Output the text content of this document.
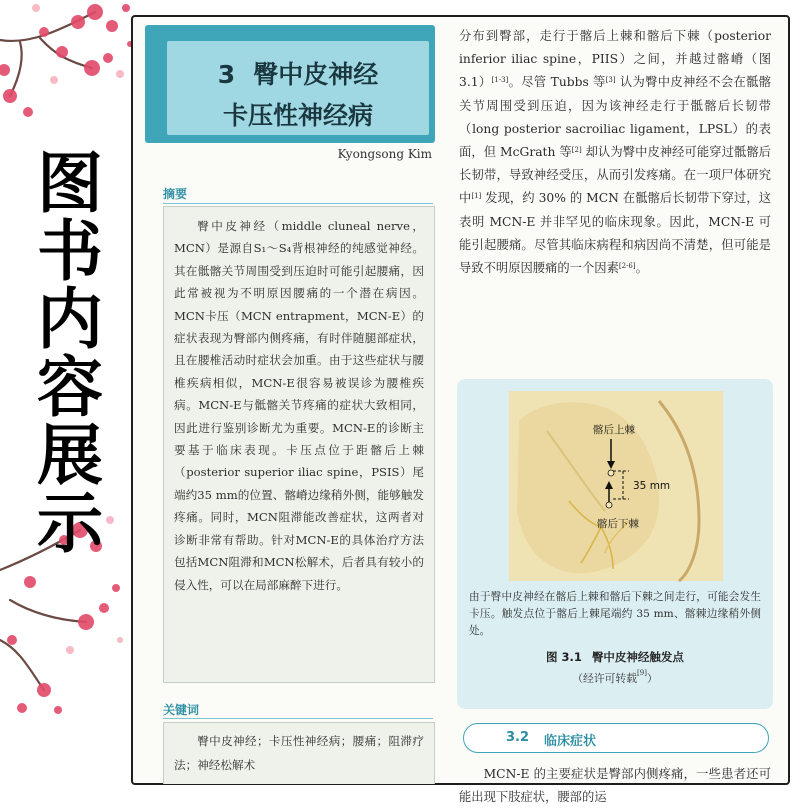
图
书
内
容
展
示
3 臀中皮神经
卡压性神经病
Kyongsong Kim
摘要

臀中皮神经（middle cluneal nerve，MCN）是源自S₁～S₄背根神经的纯感觉神经。其在骶髂关节周围受到压迫时可能引起腰痛，因此常被视为不明原因腰痛的一个潜在病因。MCN卡压（MCN entrapment，MCN-E）的症状表现为臀部内侧疼痛，有时伴随腿部症状，且在腰椎活动时症状会加重。由于这些症状与腰椎疾病相似，MCN-E很容易被误诊为腰椎疾病。MCN-E与骶髂关节疼痛的症状大致相同，因此进行鉴别诊断尤为重要。MCN-E的诊断主要基于临床表现。卡压点位于距髂后上棘（posterior superior iliac spine，PSIS）尾端约35 mm的位置、髂嵴边缘稍外侧，能够触发疼痛。同时，MCN阻滞能改善症状，这两者对诊断非常有帮助。针对MCN-E的具体治疗方法包括MCN阻滞和MCN松解术，后者具有较小的侵入性，可以在局部麻醉下进行。

关键词

臀中皮神经；卡压性神经病；腰痛；阻滞疗法；神经松解术

分布到臀部，走行于髂后上棘和髂后下棘（posterior inferior iliac spine，PIIS）之间，并越过髂嵴（图 3.1）[1-3]。尽管 Tubbs 等[3] 认为臀中皮神经不会在骶髂关节周围受到压迫，因为该神经走行于骶髂后长韧带（long posterior sacroiliac ligament，LPSL）的表面，但 McGrath 等[2] 却认为臀中皮神经可能穿过骶髂后长韧带，导致神经受压，从而引发疼痛。在一项尸体研究中[1] 发现，约 30% 的 MCN 在骶髂后长韧带下穿过，这表明 MCN-E 并非罕见的临床现象。因此，MCN-E 可能引起腰痛。尽管其临床病程和病因尚不清楚，但可能是导致不明原因腰痛的一个因素[2-6]。

髂后上棘
髂后下棘
35 mm

由于臀中皮神经在髂后上棘和髂后下棘之间走行，可能会发生卡压。触发点位于髂后上棘尾端约 35 mm、髂棘边缘稍外侧处。

图 3.1 臀中皮神经触发点
（经许可转载[9]）
3.2 临床症状

MCN-E 的主要症状是臀部内侧疼痛，一些患者还可能出现下肢症状，腰部的运
